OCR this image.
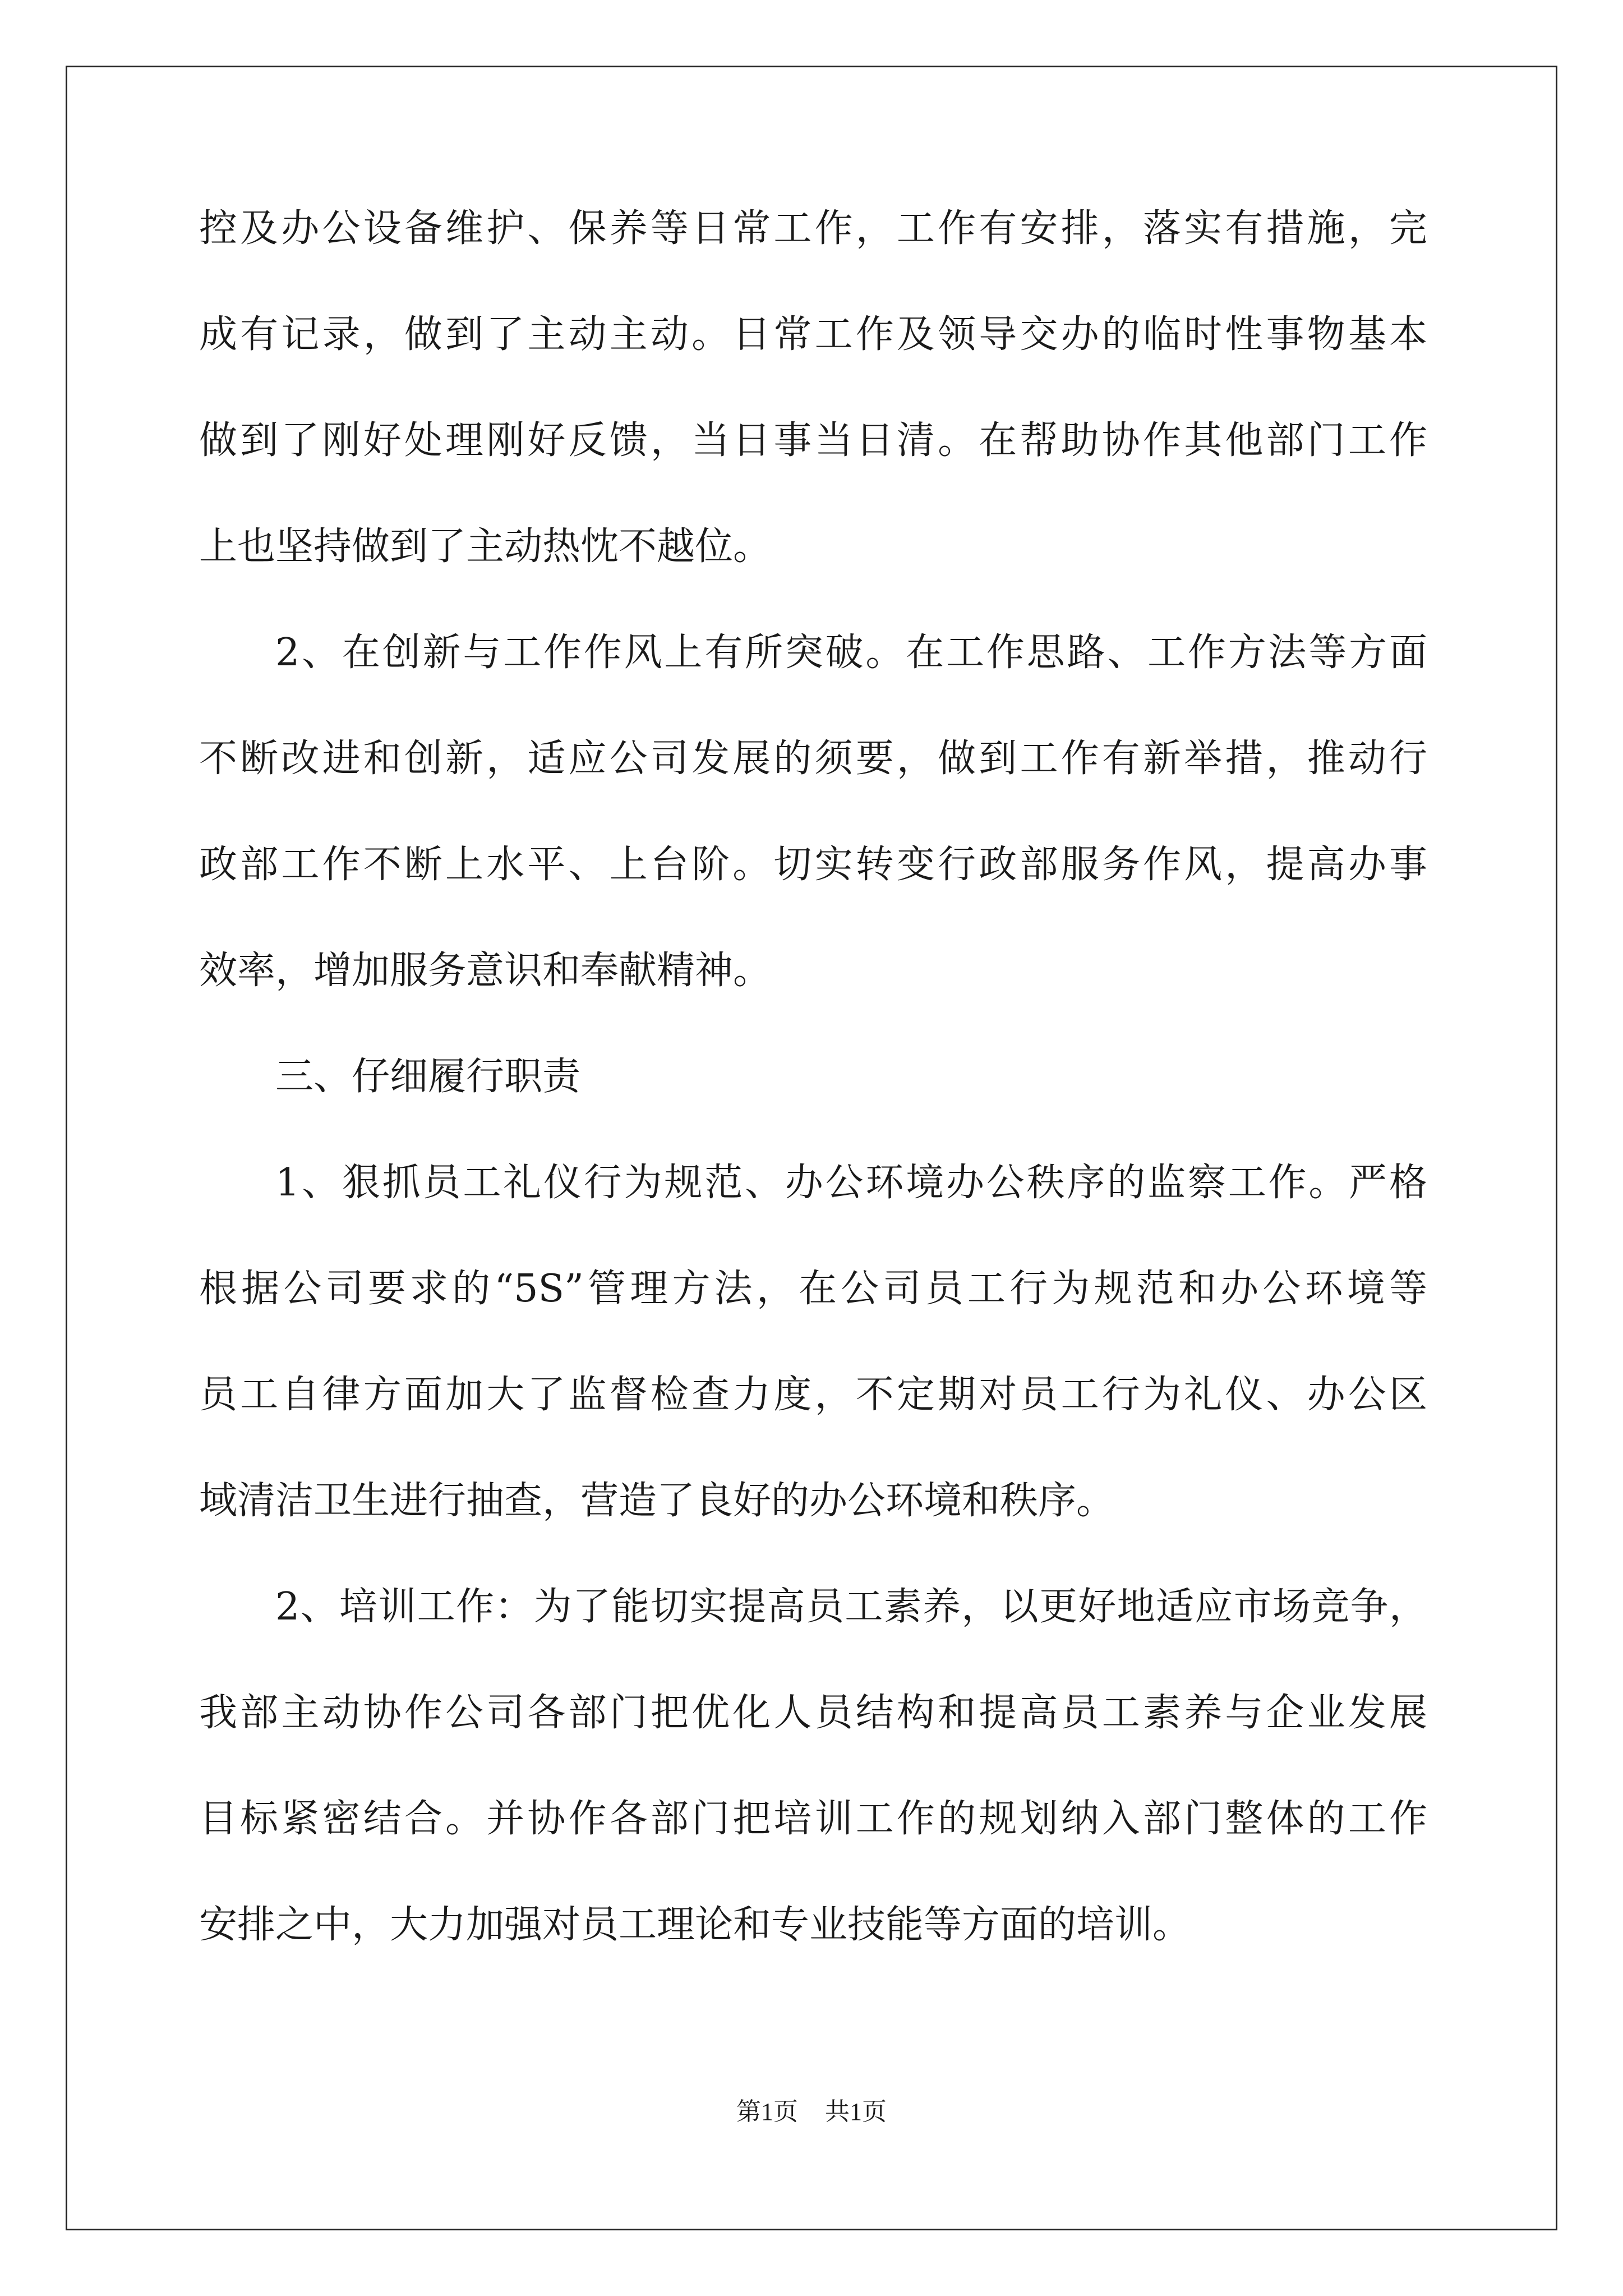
控及办公设备维护、保养等日常工作，工作有安排，落实有措施，完
成有记录，做到了主动主动。日常工作及领导交办的临时性事物基本
做到了刚好处理刚好反馈，当日事当日清。在帮助协作其他部门工作
上也坚持做到了主动热忱不越位。
2、在创新与工作作风上有所突破。在工作思路、工作方法等方面
不断改进和创新，适应公司发展的须要，做到工作有新举措，推动行
政部工作不断上水平、上台阶。切实转变行政部服务作风，提高办事
效率，增加服务意识和奉献精神。
三、仔细履行职责
1、狠抓员工礼仪行为规范、办公环境办公秩序的监察工作。严格
根据公司要求的“5S”管理方法，在公司员工行为规范和办公环境等
员工自律方面加大了监督检查力度，不定期对员工行为礼仪、办公区
域清洁卫生进行抽查，营造了良好的办公环境和秩序。
2、培训工作：为了能切实提高员工素养，以更好地适应市场竞争，
我部主动协作公司各部门把优化人员结构和提高员工素养与企业发展
目标紧密结合。并协作各部门把培训工作的规划纳入部门整体的工作
安排之中，大力加强对员工理论和专业技能等方面的培训。
第1页 共1页
